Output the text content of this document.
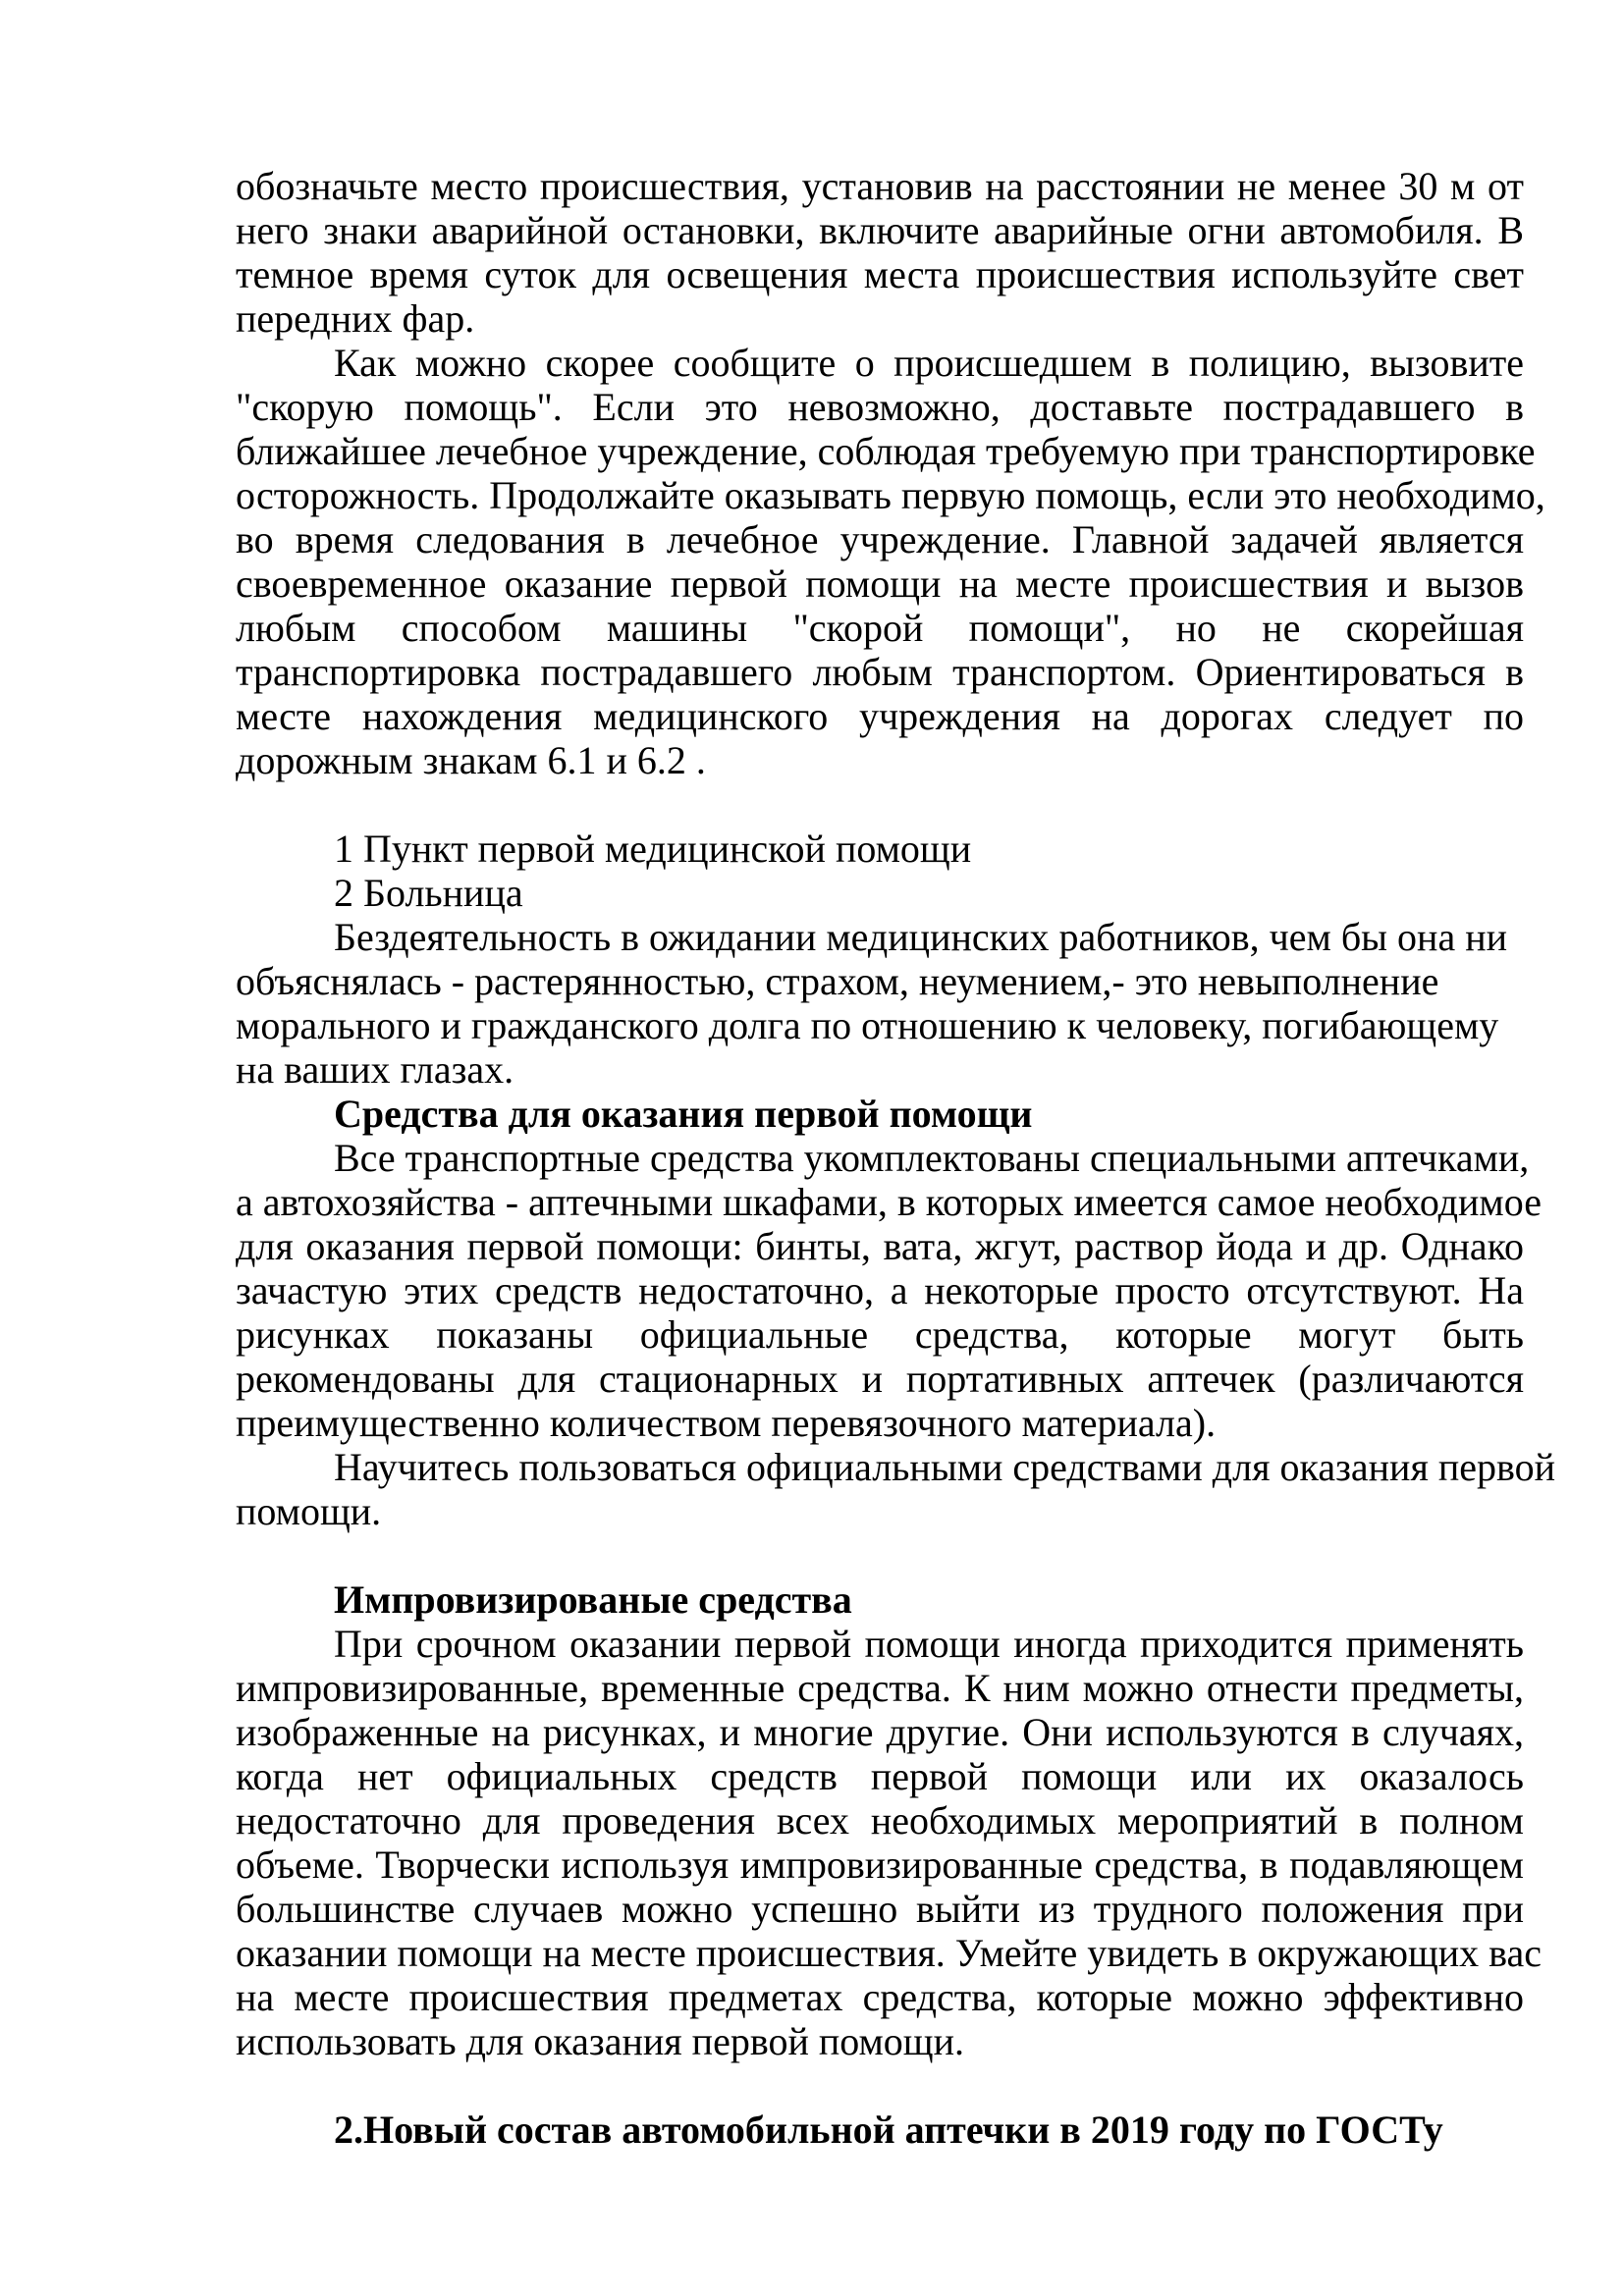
обозначьте место происшествия, установив на расстоянии не менее 30 м от
него знаки аварийной остановки, включите аварийные огни автомобиля. В
темное время суток для освещения места происшествия используйте свет
передних фар.
Как можно скорее сообщите о происшедшем в полицию, вызовите
"скорую помощь". Если это невозможно, доставьте пострадавшего в
ближайшее лечебное учреждение, соблюдая требуемую при транспортировке
осторожность. Продолжайте оказывать первую помощь, если это необходимо,
во время следования в лечебное учреждение. Главной задачей является
своевременное оказание первой помощи на месте происшествия и вызов
любым способом машины "скорой помощи", но не скорейшая
транспортировка пострадавшего любым транспортом. Ориентироваться в
месте нахождения медицинского учреждения на дорогах следует по
дорожным знакам 6.1 и 6.2 .
1 Пункт первой медицинской помощи
2 Больница
Бездеятельность в ожидании медицинских работников, чем бы она ни
объяснялась - растерянностью, страхом, неумением,- это невыполнение
морального и гражданского долга по отношению к человеку, погибающему
на ваших глазах.
Средства для оказания первой помощи
Все транспортные средства укомплектованы специальными аптечками,
а автохозяйства - аптечными шкафами, в которых имеется самое необходимое
для оказания первой помощи: бинты, вата, жгут, раствор йода и др. Однако
зачастую этих средств недостаточно, а некоторые просто отсутствуют. На
рисунках показаны официальные средства, которые могут быть
рекомендованы для стационарных и портативных аптечек (различаются
преимущественно количеством перевязочного материала).
Научитесь пользоваться официальными средствами для оказания первой
помощи.
Импровизированые средства
При срочном оказании первой помощи иногда приходится применять
импровизированные, временные средства. К ним можно отнести предметы,
изображенные на рисунках, и многие другие. Они используются в случаях,
когда нет официальных средств первой помощи или их оказалось
недостаточно для проведения всех необходимых мероприятий в полном
объеме. Творчески используя импровизированные средства, в подавляющем
большинстве случаев можно успешно выйти из трудного положения при
оказании помощи на месте происшествия. Умейте увидеть в окружающих вас
на месте происшествия предметах средства, которые можно эффективно
использовать для оказания первой помощи.
2.Новый состав автомобильной аптечки в 2019 году по ГОСТу
